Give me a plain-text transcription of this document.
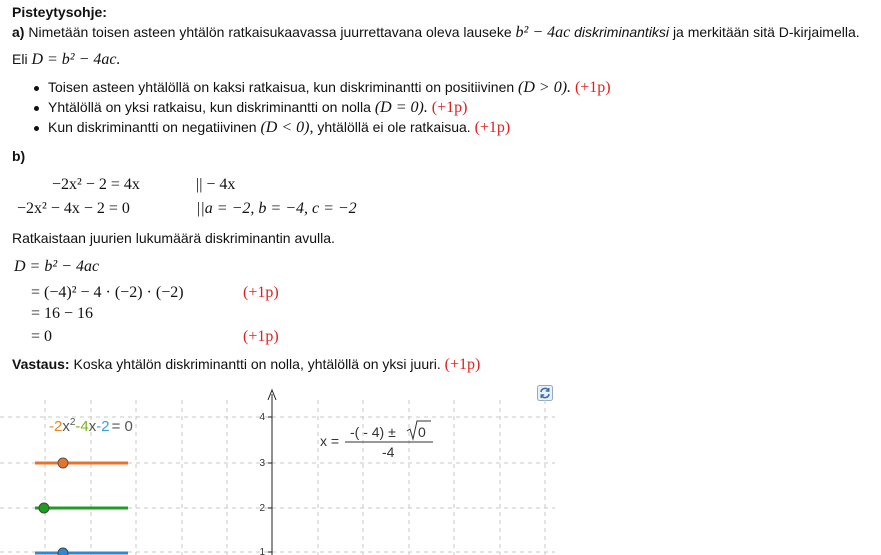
Pisteytysohje:
a) Nimetään toisen asteen yhtälön ratkaisukaavassa juurrettavana oleva lauseke b² − 4ac diskriminantiksi ja merkitään sitä D-kirjaimella.
Eli D = b² − 4ac.
Toisen asteen yhtälöllä on kaksi ratkaisua, kun diskriminantti on positiivinen (D > 0). (+1p)
Yhtälöllä on yksi ratkaisu, kun diskriminantti on nolla (D = 0). (+1p)
Kun diskriminantti on negatiivinen (D < 0), yhtälöllä ei ole ratkaisua. (+1p)
b)
−2x² − 2 = 4x	|| − 4x
−2x² − 4x − 2 = 0	||a = −2, b = −4, c = −2
Ratkaistaan juurien lukumäärä diskriminantin avulla.
D = b² − 4ac
= (−4)² − 4 · (−2) · (−2)	(+1p)
= 16 − 16
= 0	(+1p)
Vastaus: Koska yhtälön diskriminantti on nolla, yhtälöllä on yksi juuri. (+1p)
4
3
2
1
$-2x^2-4x-2 = 0$
x =
-( - 4) ± 0
-4
